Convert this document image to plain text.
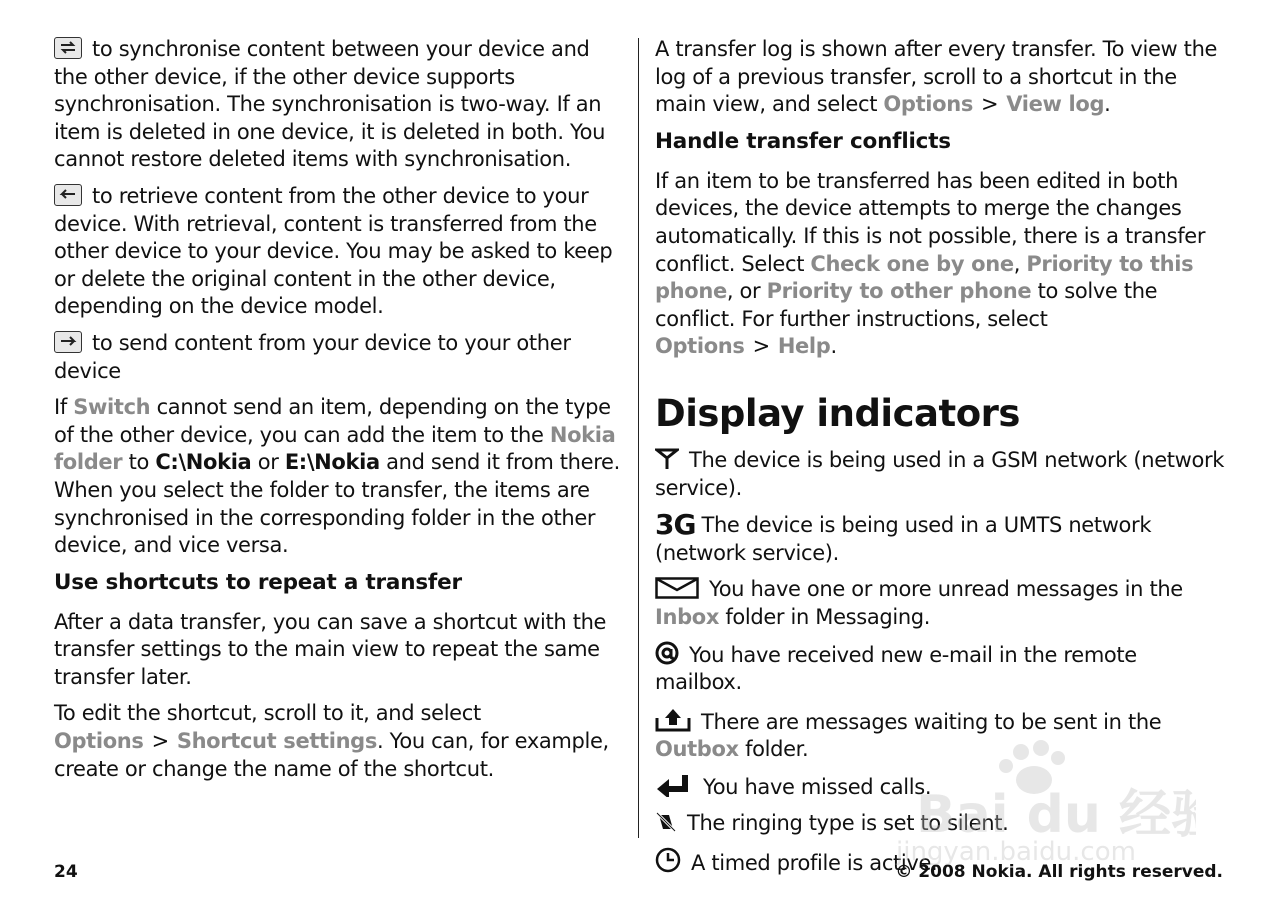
to synchronise content between your device and the other device, if the other device supports synchronisation. The synchronisation is two-way. If an item is deleted in one device, it is deleted in both. You cannot restore deleted items with synchronisation.

to retrieve content from the other device to your device. With retrieval, content is transferred from the other device to your device. You may be asked to keep or delete the original content in the other device, depending on the device model.

to send content from your device to your other device

If Switch cannot send an item, depending on the type of the other device, you can add the item to the Nokia folder to C:\Nokia or E:\Nokia and send it from there. When you select the folder to transfer, the items are synchronised in the corresponding folder in the other device, and vice versa.

Use shortcuts to repeat a transfer

After a data transfer, you can save a shortcut with the transfer settings to the main view to repeat the same transfer later.

To edit the shortcut, scroll to it, and select Options > Shortcut settings. You can, for example, create or change the name of the shortcut.

A transfer log is shown after every transfer. To view the log of a previous transfer, scroll to a shortcut in the main view, and select Options > View log.

Handle transfer conflicts

If an item to be transferred has been edited in both devices, the device attempts to merge the changes automatically. If this is not possible, there is a transfer conflict. Select Check one by one, Priority to this phone, or Priority to other phone to solve the conflict. For further instructions, select Options > Help.

Display indicators

The device is being used in a GSM network (network service).

3G The device is being used in a UMTS network (network service).

You have one or more unread messages in the Inbox folder in Messaging.

You have received new e-mail in the remote mailbox.

There are messages waiting to be sent in the Outbox folder.

You have missed calls.

The ringing type is set to silent.

A timed profile is active.

24	© 2008 Nokia. All rights reserved.
Bai du 经验
jingyan.baidu.com
